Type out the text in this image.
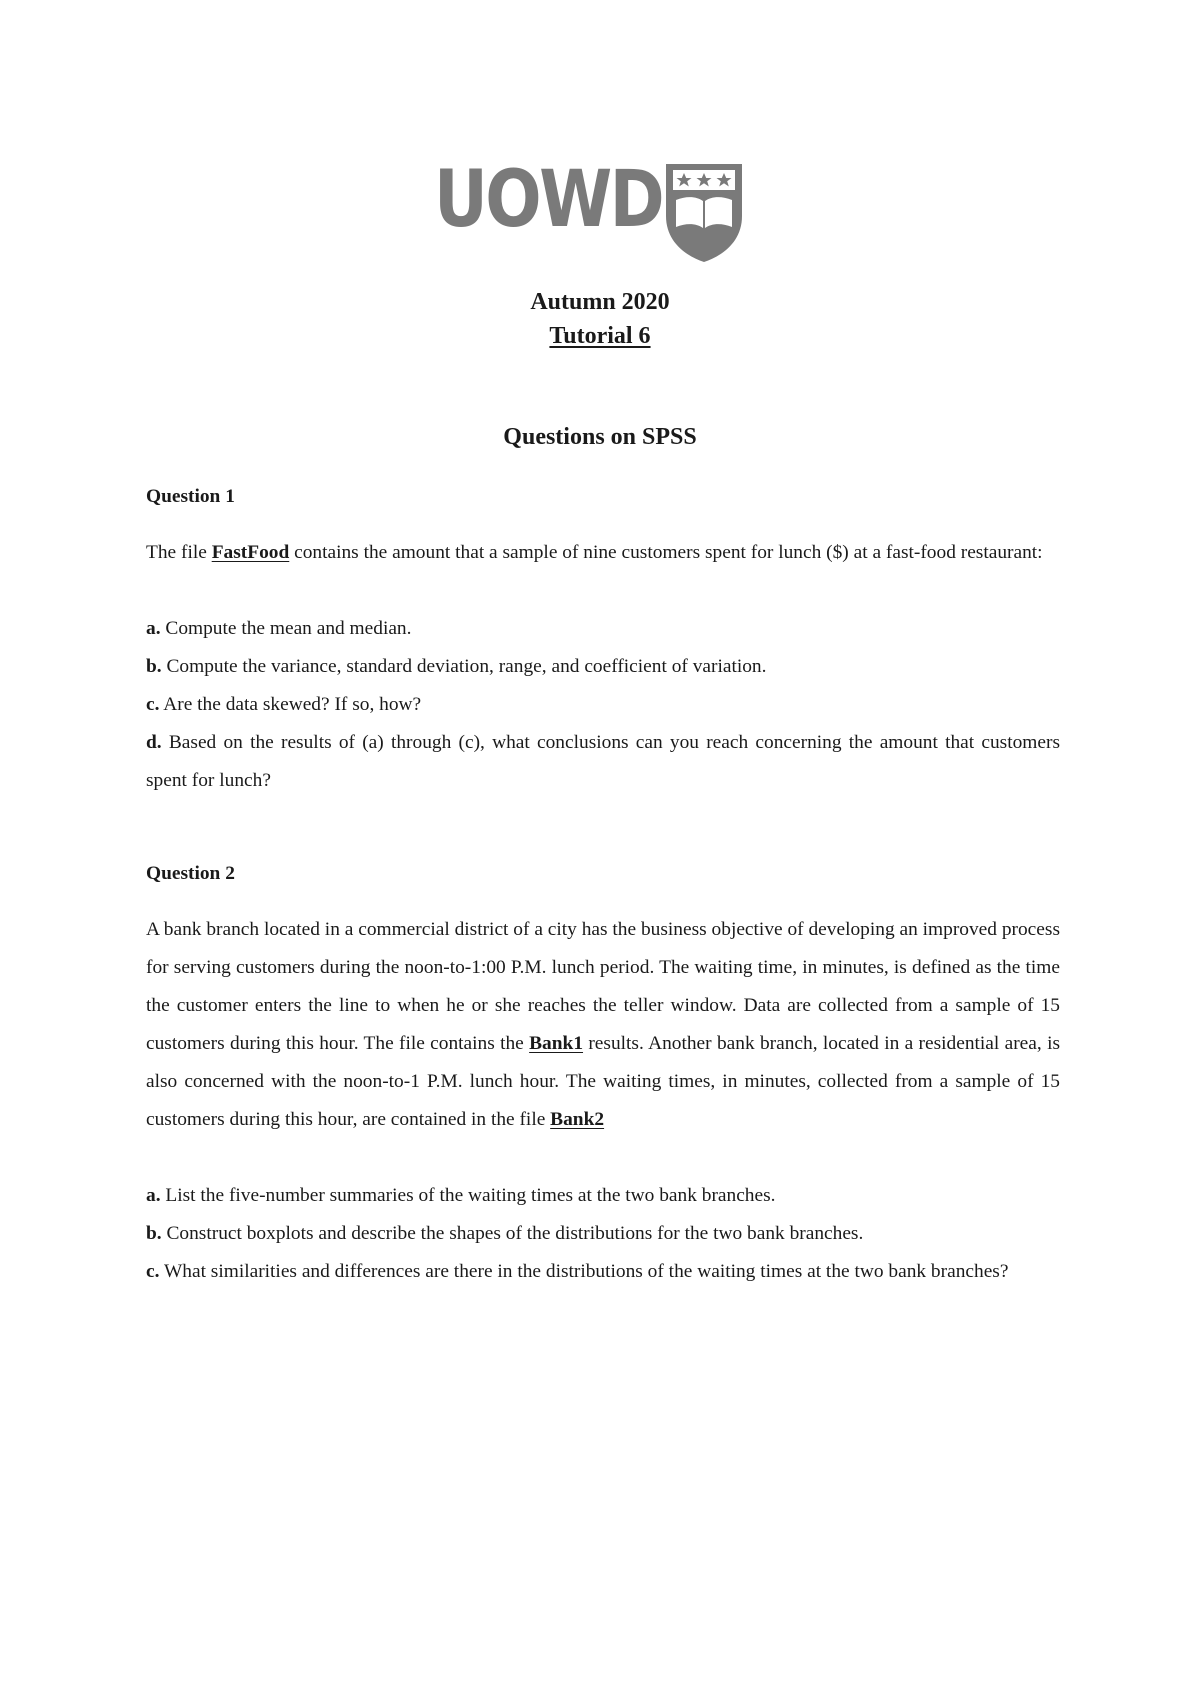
UOWD
Autumn 2020
Tutorial 6
Questions on SPSS
Question 1
The file FastFood contains the amount that a sample of nine customers spent for lunch ($) at a fast-food restaurant:
a. Compute the mean and median.
b. Compute the variance, standard deviation, range, and coefficient of variation.
c. Are the data skewed? If so, how?
d. Based on the results of (a) through (c), what conclusions can you reach concerning the amount that customers spent for lunch?
Question 2
A bank branch located in a commercial district of a city has the business objective of developing an improved process for serving customers during the noon-to-1:00 P.M. lunch period. The waiting time, in minutes, is defined as the time the customer enters the line to when he or she reaches the teller window. Data are collected from a sample of 15 customers during this hour. The file contains the Bank1 results. Another bank branch, located in a residential area, is also concerned with the noon-to-1 P.M. lunch hour. The waiting times, in minutes, collected from a sample of 15 customers during this hour, are contained in the file Bank2
a. List the five-number summaries of the waiting times at the two bank branches.
b. Construct boxplots and describe the shapes of the distributions for the two bank branches.
c. What similarities and differences are there in the distributions of the waiting times at the two bank branches?
